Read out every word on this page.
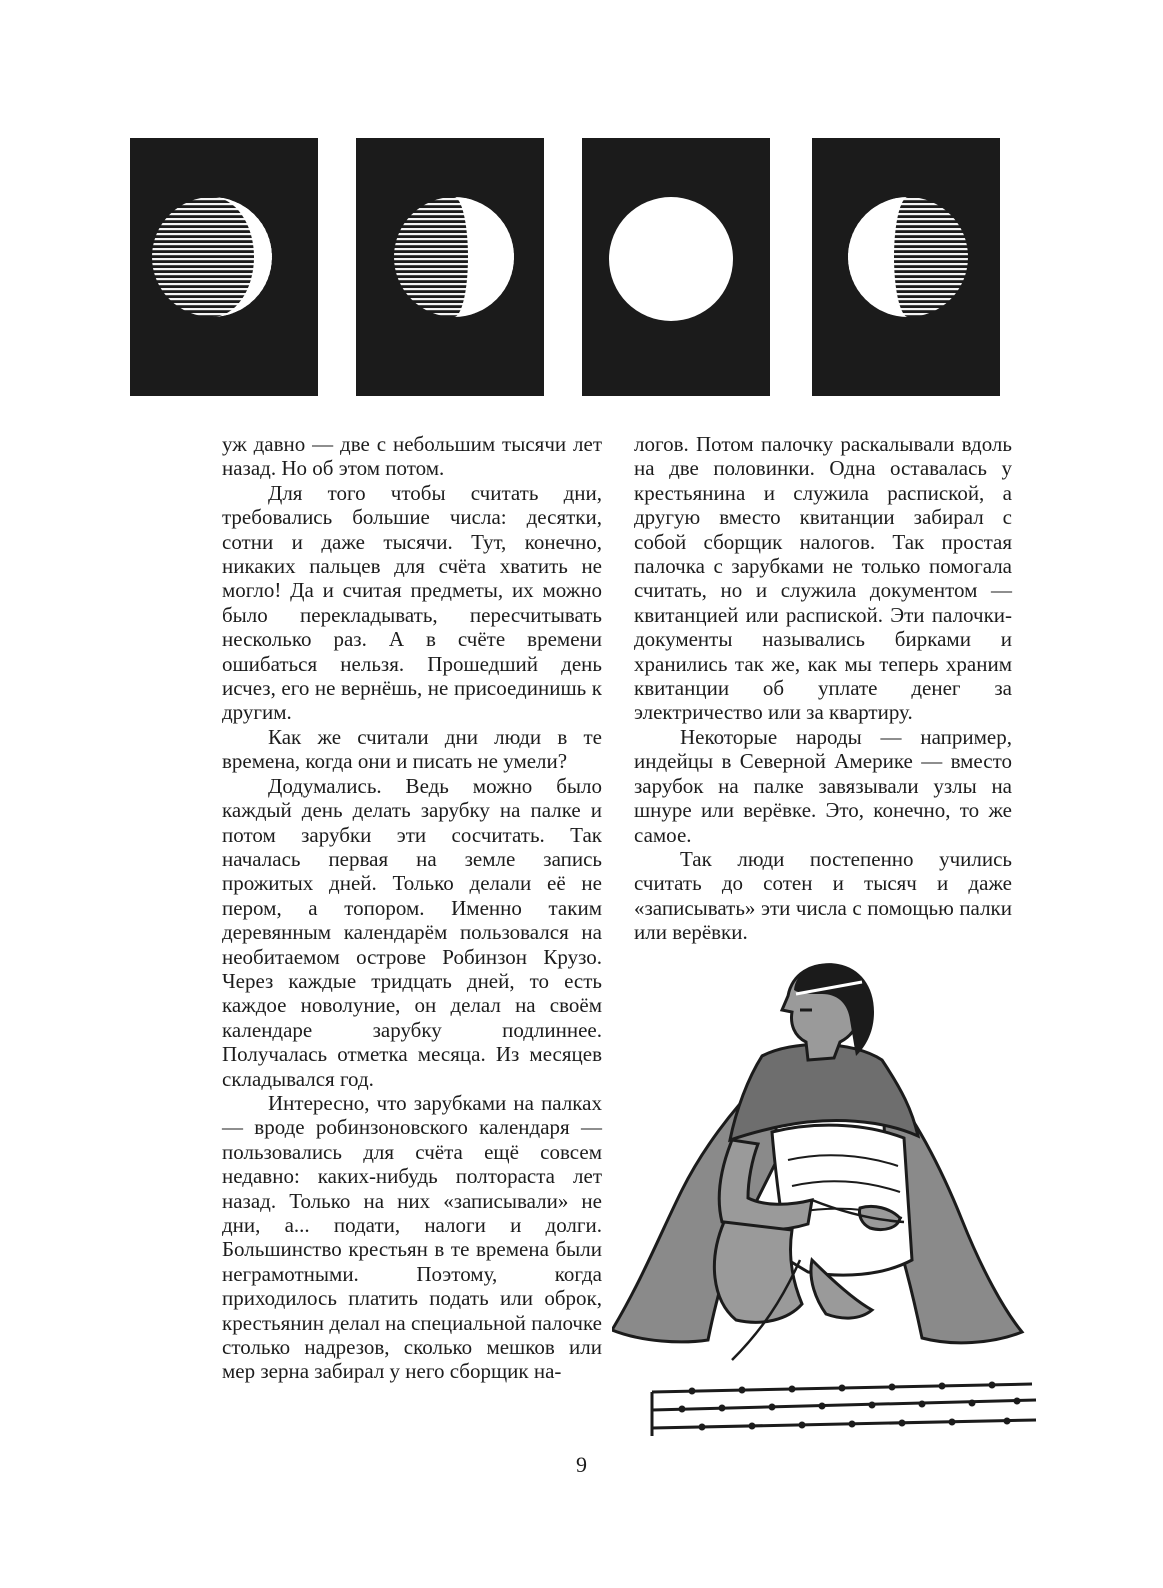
уж давно — две с небольшим тысячи лет назад. Но об этом потом.

Для того чтобы считать дни, требовались большие числа: десятки, сотни и даже тысячи. Тут, конечно, никаких пальцев для счёта хватить не могло! Да и считая предметы, их можно было перекладывать, пересчитывать несколько раз. А в счёте времени ошибаться нельзя. Прошедший день исчез, его не вернёшь, не присоединишь к другим.

Как же считали дни люди в те времена, когда они и писать не умели?

Додумались. Ведь можно было каждый день делать зарубку на палке и потом зарубки эти сосчитать. Так началась первая на земле запись прожитых дней. Только делали её не пером, а топором. Именно таким деревянным календарём пользовался на необитаемом острове Робинзон Крузо. Через каждые тридцать дней, то есть каждое новолуние, он делал на своём календаре зарубку подлиннее. Получалась отметка месяца. Из месяцев складывался год.

Интересно, что зарубками на палках — вроде робинзоновского календаря — пользовались для счёта ещё совсем недавно: каких-нибудь полтораста лет назад. Только на них «записывали» не дни, а... подати, налоги и долги. Большинство крестьян в те времена были неграмотными. Поэтому, когда приходилось платить подать или оброк, крестьянин делал на специальной палочке столько надрезов, сколько мешков или мер зерна забирал у него сборщик на-

логов. Потом палочку раскалывали вдоль на две половинки. Одна оставалась у крестьянина и служила распиской, а другую вместо квитанции забирал с собой сборщик налогов. Так простая палочка с зарубками не только помогала считать, но и служила документом — квитанцией или распиской. Эти палочки-документы назывались бирками и хранились так же, как мы теперь храним квитанции об уплате денег за электричество или за квартиру.

Некоторые народы — например, индейцы в Северной Америке — вместо зарубок на палке завязывали узлы на шнуре или верёвке. Это, конечно, то же самое.

Так люди постепенно учились считать до сотен и тысяч и даже «записывать» эти числа с помощью палки или верёвки.

9
